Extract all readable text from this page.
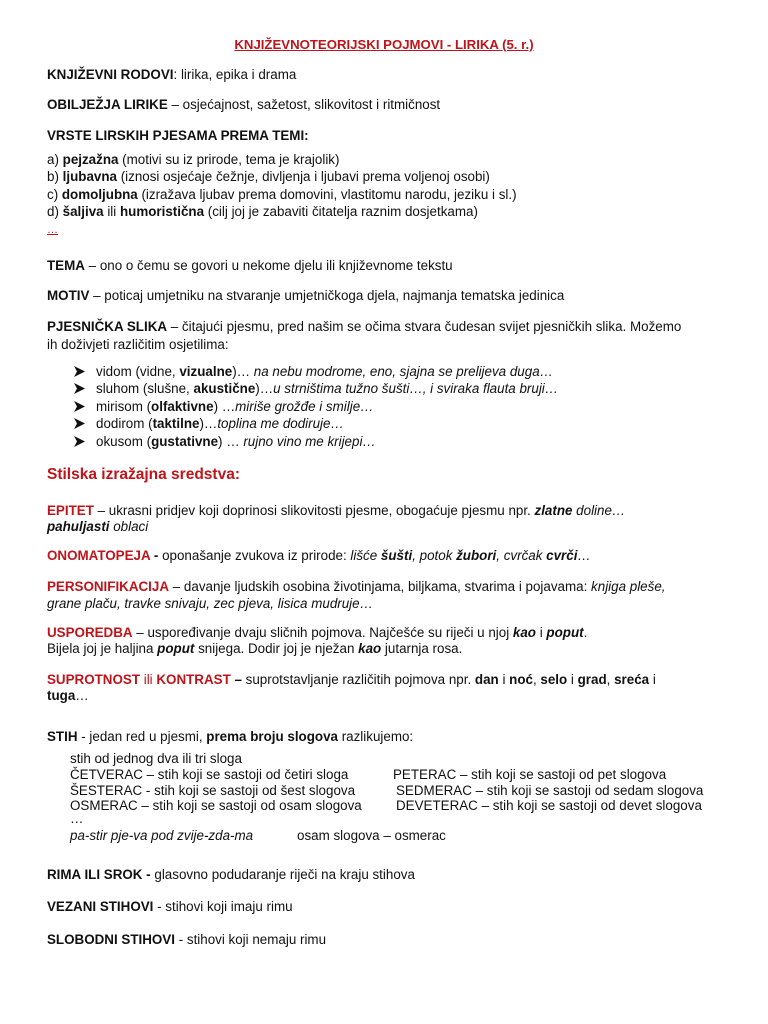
KNJIŽEVNOTEORIJSKI POJMOVI - LIRIKA (5. r.)
KNJIŽEVNI RODOVI: lirika, epika i drama
OBILJEŽJA LIRIKE – osjećajnost, sažetost, slikovitost i ritmičnost
VRSTE LIRSKIH PJESAMA PREMA TEMI:
a) pejzažna (motivi su iz prirode, tema je krajolik)
b) ljubavna (iznosi osjećaje čežnje, divljenja i ljubavi prema voljenoj osobi)
c) domoljubna (izražava ljubav prema domovini, vlastitomu narodu, jeziku i sl.)
d) šaljiva ili humoristična (cilj joj je zabaviti čitatelja raznim dosjetkama)
…
TEMA – ono o čemu se govori u nekome djelu ili književnome tekstu
MOTIV – poticaj umjetniku na stvaranje umjetničkoga djela, najmanja tematska jedinica
PJESNIČKA SLIKA – čitajući pjesmu, pred našim se očima stvara čudesan svijet pjesničkih slika. Možemo
ih doživjeti različitim osjetilima:
vidom (vidne, vizualne)… na nebu modrome, eno, sjajna se prelijeva duga…
sluhom (slušne, akustične)…u strništima tužno šušti…, i sviraka flauta bruji…
mirisom (olfaktivne) …miriše grožđe i smilje…
dodirom (taktilne)…toplina me dodiruje…
okusom (gustativne) … rujno vino me krijepi…
Stilska izražajna sredstva:
EPITET – ukrasni pridjev koji doprinosi slikovitosti pjesme, obogaćuje pjesmu npr. zlatne doline…
pahuljasti oblaci
ONOMATOPEJA - oponašanje zvukova iz prirode: lišće šušti, potok žubori, cvrčak cvrči…
PERSONIFIKACIJA – davanje ljudskih osobina životinjama, biljkama, stvarima i pojavama: knjiga pleše,
grane plaču, travke snivaju, zec pjeva, lisica mudruje…
USPOREDBA – uspoređivanje dvaju sličnih pojmova. Najčešće su riječi u njoj kao i poput.
Bijela joj je haljina poput snijega. Dodir joj je nježan kao jutarnja rosa.
SUPROTNOST ili KONTRAST – suprotstavljanje različitih pojmova npr. dan i noć, selo i grad, sreća i
tuga…
STIH - jedan red u pjesmi, prema broju slogova razlikujemo:
stih od jednog dva ili tri sloga
ČETVERAC – stih koji se sastoji od četiri sloga	PETERAC – stih koji se sastoji od pet slogova
ŠESTERAC - stih koji se sastoji od šest slogova	SEDMERAC – stih koji se sastoji od sedam slogova
OSMERAC – stih koji se sastoji od osam slogova	DEVETERAC – stih koji se sastoji od devet slogova
…
pa-stir pje-va pod zvije-zda-ma	osam slogova – osmerac
RIMA ILI SROK - glasovno podudaranje riječi na kraju stihova
VEZANI STIHOVI - stihovi koji imaju rimu
SLOBODNI STIHOVI - stihovi koji nemaju rimu
